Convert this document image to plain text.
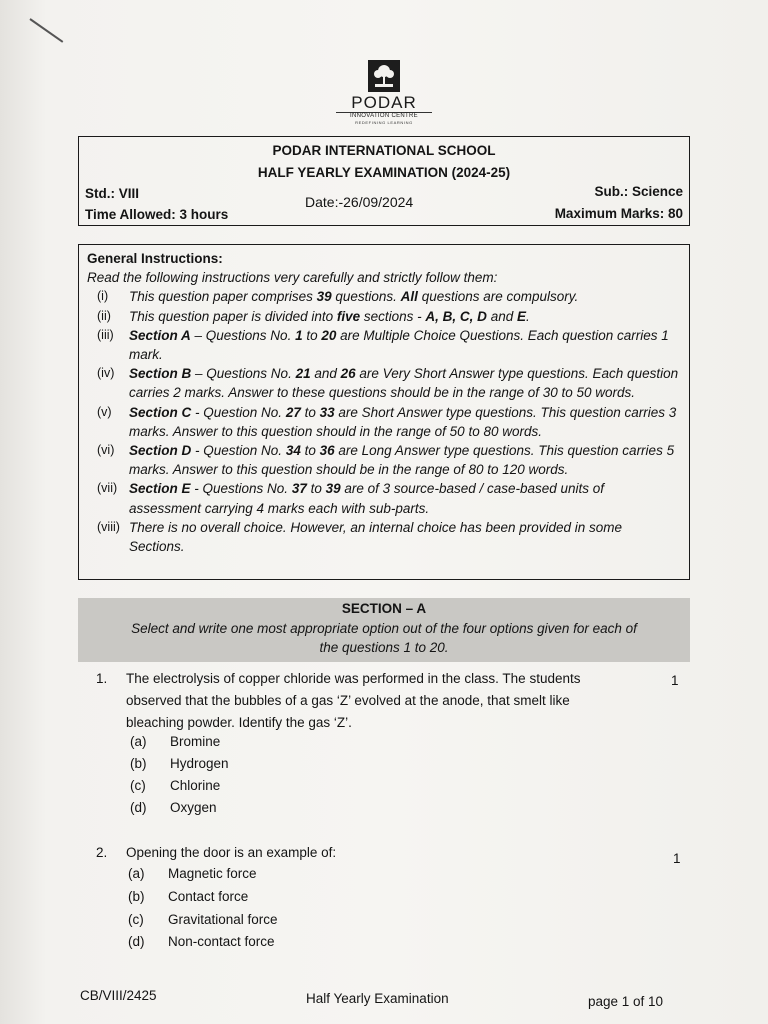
PODAR
INNOVATION CENTRE
REDEFINING LEARNING
PODAR INTERNATIONAL SCHOOL
HALF YEARLY EXAMINATION (2024-25)
Std.: VIII	Sub.: Science
Date:-26/09/2024
Time Allowed: 3 hours	Maximum Marks: 80
General Instructions:
Read the following instructions very carefully and strictly follow them:
(i)	This question paper comprises 39 questions. All questions are compulsory.
(ii)	This question paper is divided into five sections - A, B, C, D and E.
(iii)	Section A – Questions No. 1 to 20 are Multiple Choice Questions. Each question carries 1 mark.
(iv)	Section B – Questions No. 21 and 26 are Very Short Answer type questions. Each question carries 2 marks. Answer to these questions should be in the range of 30 to 50 words.
(v)	Section C - Question No. 27 to 33 are Short Answer type questions. This question carries 3 marks. Answer to this question should in the range of 50 to 80 words.
(vi)	Section D - Question No. 34 to 36 are Long Answer type questions. This question carries 5 marks. Answer to this question should be in the range of 80 to 120 words.
(vii) Section E - Questions No. 37 to 39 are of 3 source-based / case-based units of assessment carrying 4 marks each with sub-parts.
(viii) There is no overall choice. However, an internal choice has been provided in some Sections.
SECTION – A
Select and write one most appropriate option out of the four options given for each of
the questions 1 to 20.
1. The electrolysis of copper chloride was performed in the class. The students
observed that the bubbles of a gas ‘Z’ evolved at the anode, that smelt like
bleaching powder. Identify the gas ‘Z’.
1
(a) Bromine
(b) Hydrogen
(c) Chlorine
(d) Oxygen
2. Opening the door is an example of:	1
(a) Magnetic force
(b) Contact force
(c) Gravitational force
(d) Non-contact force
CB/VIII/2425	Half Yearly Examination	page 1 of 10
